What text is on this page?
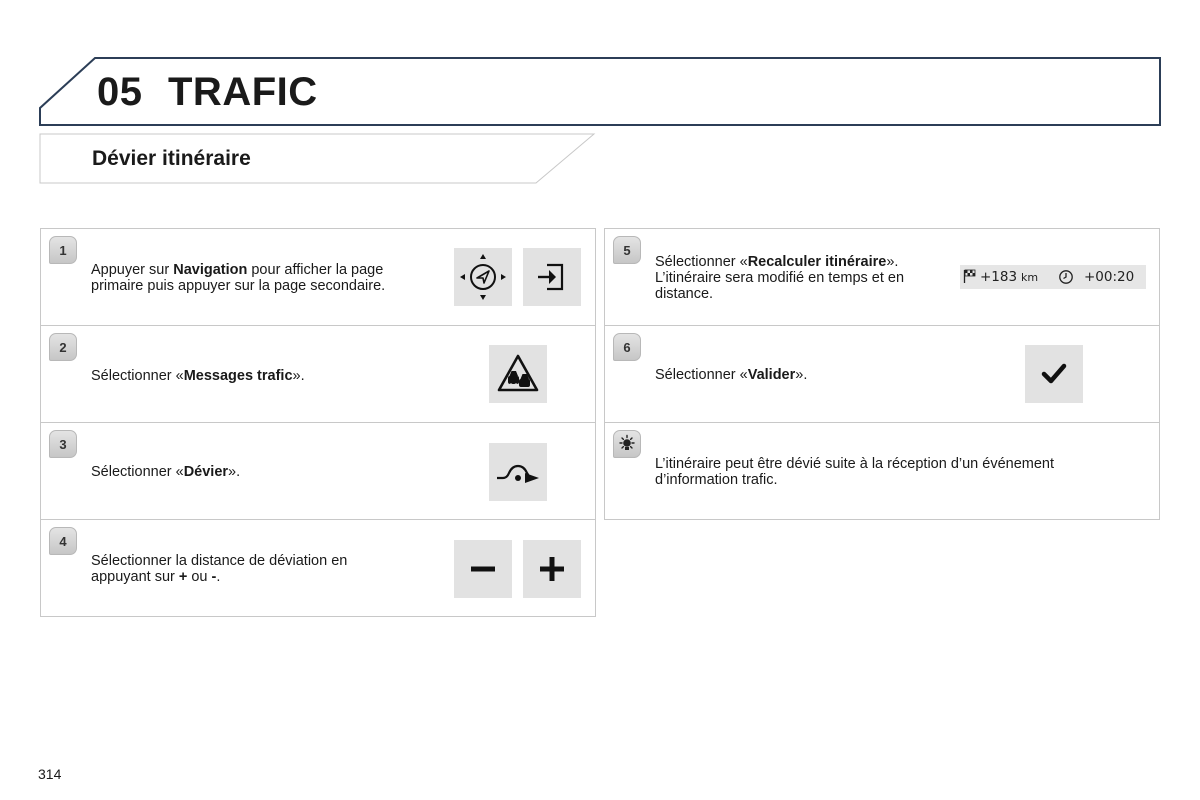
05 TRAFIC
Dévier itinéraire
1
Appuyer sur Navigation pour afficher la page primaire puis appuyer sur la page secondaire.
2
Sélectionner «Messages trafic».
3
Sélectionner «Dévier».
4
Sélectionner la distance de déviation en appuyant sur + ou -.
5
Sélectionner «Recalculer itinéraire». L’itinéraire sera modifié en temps et en distance.
+183 km	+00:20
6
Sélectionner «Valider».
L’itinéraire peut être dévié suite à la réception d’un événement d’information trafic.
314
